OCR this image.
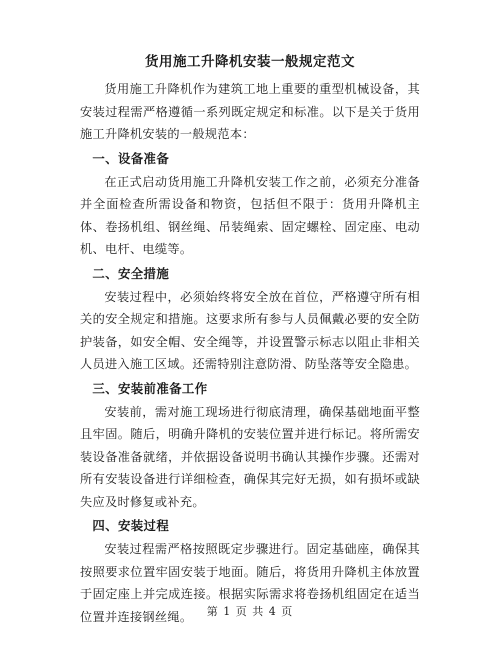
货用施工升降机安装一般规定范文

货用施工升降机作为建筑工地上重要的重型机械设备，其安装过程需严格遵循一系列既定规定和标准。以下是关于货用施工升降机安装的一般规范本：

一、设备准备

在正式启动货用施工升降机安装工作之前，必须充分准备并全面检查所需设备和物资，包括但不限于：货用升降机主体、卷扬机组、钢丝绳、吊装绳索、固定螺栓、固定座、电动机、电杆、电缆等。

二、安全措施

安装过程中，必须始终将安全放在首位，严格遵守所有相关的安全规定和措施。这要求所有参与人员佩戴必要的安全防护装备，如安全帽、安全绳等，并设置警示标志以阻止非相关人员进入施工区域。还需特别注意防滑、防坠落等安全隐患。

三、安装前准备工作

安装前，需对施工现场进行彻底清理，确保基础地面平整且牢固。随后，明确升降机的安装位置并进行标记。将所需安装设备准备就绪，并依据设备说明书确认其操作步骤。还需对所有安装设备进行详细检查，确保其完好无损，如有损坏或缺失应及时修复或补充。

四、安装过程

安装过程需严格按照既定步骤进行。固定基础座，确保其按照要求位置牢固安装于地面。随后，将货用升降机主体放置于固定座上并完成连接。根据实际需求将卷扬机组固定在适当位置并连接钢丝绳。	第 1 页 共 4 页
